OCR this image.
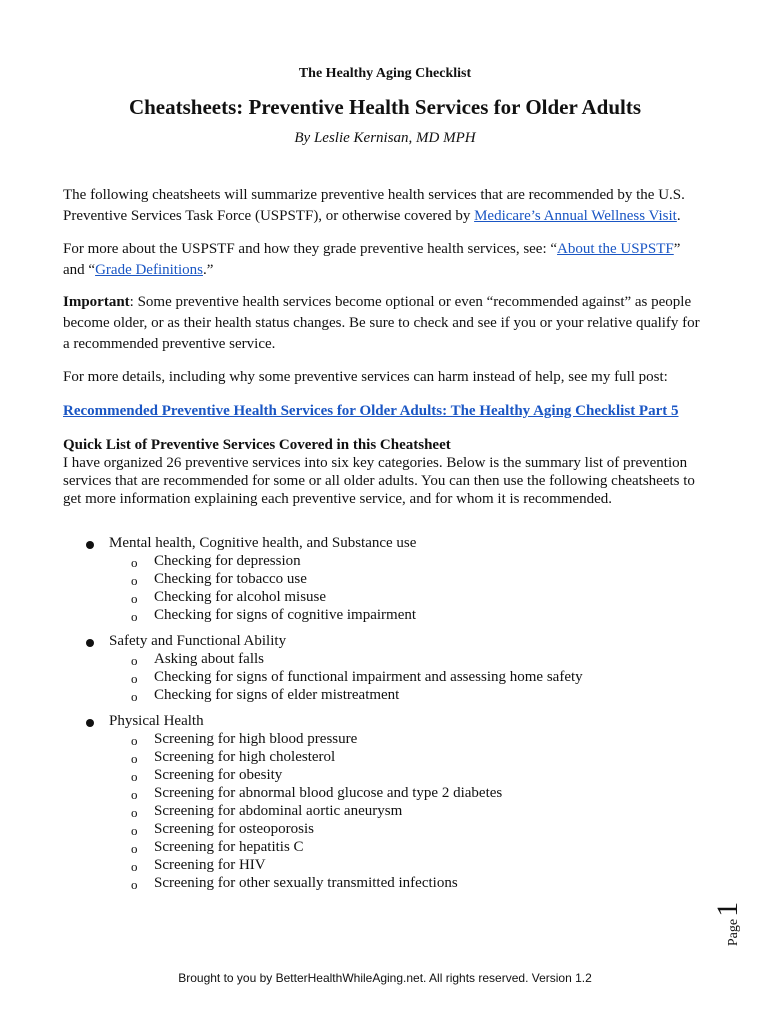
The Healthy Aging Checklist
Cheatsheets: Preventive Health Services for Older Adults
By Leslie Kernisan, MD MPH
The following cheatsheets will summarize preventive health services that are recommended by the U.S.
Preventive Services Task Force (USPSTF), or otherwise covered by Medicare’s Annual Wellness Visit.
For more about the USPSTF and how they grade preventive health services, see: “About the USPSTF”
and “Grade Definitions.”
Important: Some preventive health services become optional or even “recommended against” as people
become older, or as their health status changes. Be sure to check and see if you or your relative qualify for
a recommended preventive service.
For more details, including why some preventive services can harm instead of help, see my full post:
Recommended Preventive Health Services for Older Adults: The Healthy Aging Checklist Part 5
Quick List of Preventive Services Covered in this Cheatsheet
I have organized 26 preventive services into six key categories. Below is the summary list of prevention
services that are recommended for some or all older adults. You can then use the following cheatsheets to
get more information explaining each preventive service, and for whom it is recommended.
Mental health, Cognitive health, and Substance use
o Checking for depression
o Checking for tobacco use
o Checking for alcohol misuse
o Checking for signs of cognitive impairment
Safety and Functional Ability
o Asking about falls
o Checking for signs of functional impairment and assessing home safety
o Checking for signs of elder mistreatment
Physical Health
o Screening for high blood pressure
o Screening for high cholesterol
o Screening for obesity
o Screening for abnormal blood glucose and type 2 diabetes
o Screening for abdominal aortic aneurysm
o Screening for osteoporosis
o Screening for hepatitis C
o Screening for HIV
o Screening for other sexually transmitted infections
Page
1
Brought to you by BetterHealthWhileAging.net. All rights reserved. Version 1.2
